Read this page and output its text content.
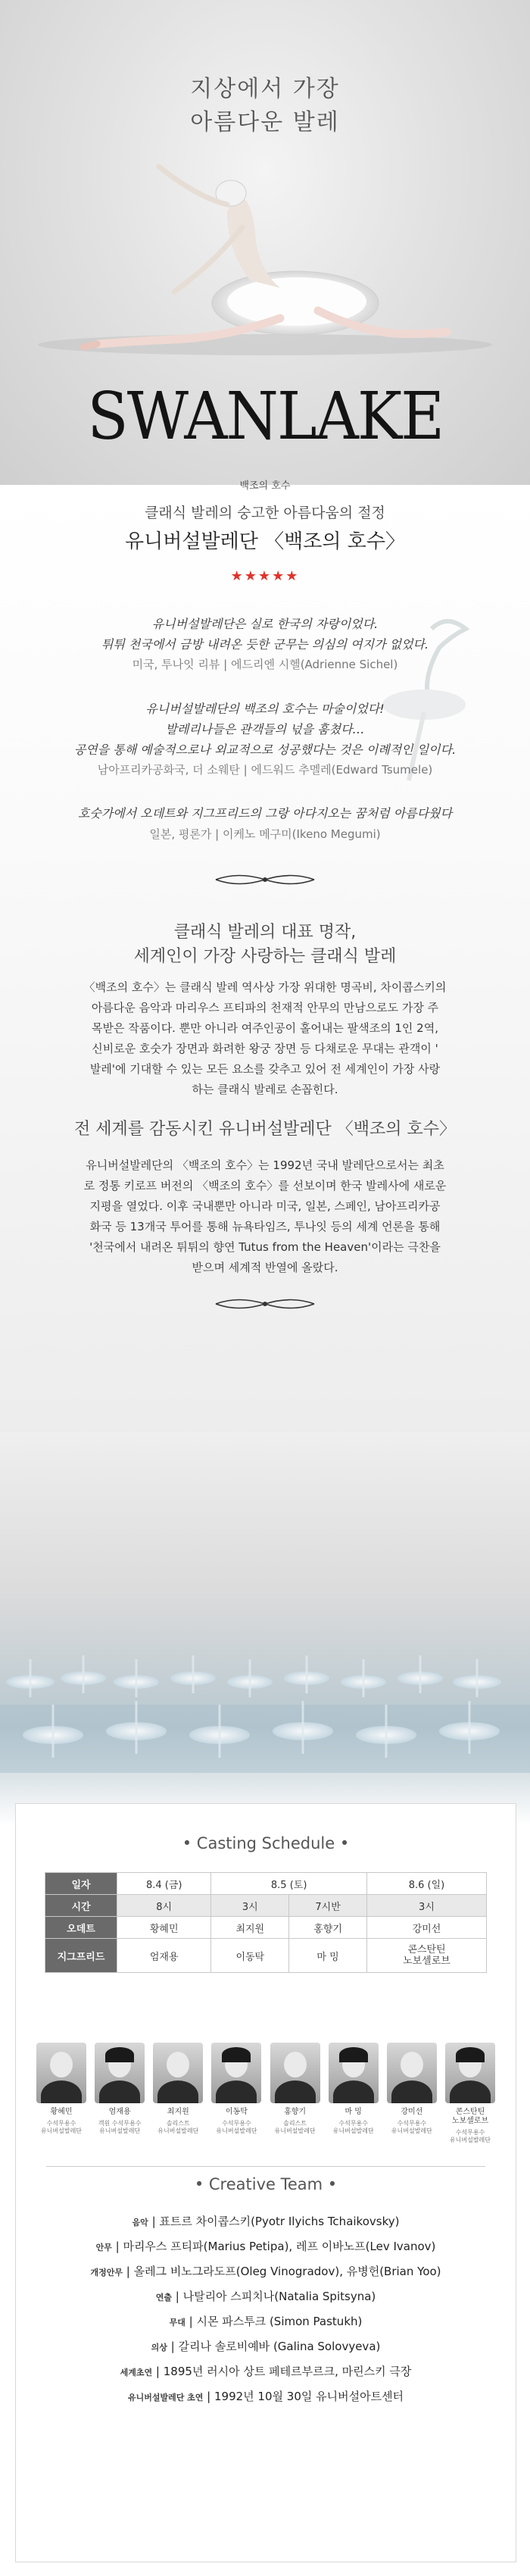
지상에서 가장
아름다운 발레
SWANLAKE
백조의 호수
클래식 발레의 숭고한 아름다움의 절정
유니버설발레단 〈백조의 호수〉
★★★★★
유니버설발레단은 실로 한국의 자랑이었다.
튀튀 천국에서 금방 내려온 듯한 군무는 의심의 여지가 없었다.
미국, 투나잇 리뷰 | 에드리엔 시헬(Adrienne Sichel)
유니버설발레단의 백조의 호수는 마술이었다!
발레리나들은 관객들의 넋을 훔쳤다…
공연을 통해 예술적으로나 외교적으로 성공했다는 것은 이례적인 일이다.
남아프리카공화국, 더 소웨탄 | 에드워드 추멜레(Edward Tsumele)
호숫가에서 오데트와 지그프리드의 그랑 아다지오는 꿈처럼 아름다웠다
일본, 평론가 | 이케노 메구미(Ikeno Megumi)
클래식 발레의 대표 명작,
세계인이 가장 사랑하는 클래식 발레
〈백조의 호수〉는 클래식 발레 역사상 가장 위대한 명곡비, 차이콥스키의
아름다운 음악과 마리우스 프티파의 천재적 안무의 만남으로도 가장 주
목받은 작품이다. 뿐만 아니라 여주인공이 홀어내는 팔색조의 1인 2역,
신비로운 호숫가 장면과 화려한 왕궁 장면 등 다채로운 무대는 관객이 '
발레'에 기대할 수 있는 모든 요소를 갖추고 있어 전 세계인이 가장 사랑
하는 클래식 발레로 손꼽힌다.
전 세계를 감동시킨 유니버설발레단 〈백조의 호수〉
유니버설발레단의 〈백조의 호수〉는 1992년 국내 발레단으로서는 최초
로 정통 키로프 버전의 〈백조의 호수〉를 선보이며 한국 발레사에 새로운
지평을 열었다. 이후 국내뿐만 아니라 미국, 일본, 스페인, 남아프리카공
화국 등 13개국 투어를 통해 뉴욕타임즈, 투나잇 등의 세계 언론을 통해
'천국에서 내려온 튀튀의 향연 Tutus from the Heaven'이라는 극찬을
받으며 세계적 반열에 올랐다.
• Casting Schedule •
일자	8.4 (금)	8.5 (토)		8.6 (일)
시간	8시	3시	7시반	3시
오데트	황혜민	최지원	홍향기	강미선
지그프리드	엄재용	이동탁	마 밍	콘스탄틴
노보셀로브
황혜민
수석무용수
유니버설발레단
엄재용
객원 수석무용수
유니버설발레단
최지원
솔리스트
유니버설발레단
이동탁
수석무용수
유니버설발레단
홍향기
솔리스트
유니버설발레단
마 밍
수석무용수
유니버설발레단
강미선
수석무용수
유니버설발레단
콘스탄틴
노보셀로브
수석무용수
유니버설발레단
• Creative Team •
음악 | 표트르 차이콥스키(Pyotr Ilyichs Tchaikovsky)
안무 | 마리우스 프티파(Marius Petipa), 레프 이바노프(Lev Ivanov)
개정안무 | 올레그 비노그라도프(Oleg Vinogradov), 유병헌(Brian Yoo)
연출 | 나탈리아 스피치나(Natalia Spitsyna)
무대 | 시몬 파스투크 (Simon Pastukh)
의상 | 갈리나 솔로비예바 (Galina Solovyeva)
세계초연 | 1895년 러시아 상트 페테르부르크, 마린스키 극장
유니버설발레단 초연 | 1992년 10월 30일 유니버설아트센터
